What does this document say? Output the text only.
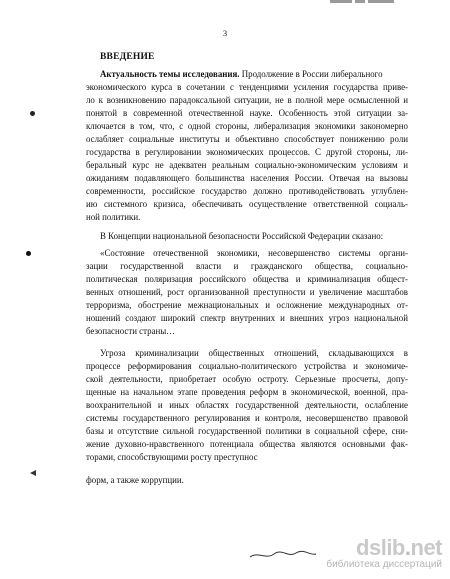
3
ВВЕДЕНИЕ
Актуальность темы исследования. Продолжение в России либерального
экономического курса в сочетании с тенденциями усиления государства приве-
ло к возникновению парадоксальной ситуации, не в полной мере осмысленной и
понятой в современной отечественной науке. Особенность этой ситуации за-
ключается в том, что, с одной стороны, либерализация экономики закономерно
ослабляет социальные институты и объективно способствует понижению роли
государства в регулировании экономических процессов. С другой стороны, ли-
беральный курс не адекватен реальным социально-экономическим условиям и
ожиданиям подавляющего большинства населения России. Отвечая на вызовы
современности, российское государство должно противодействовать углублен-
ию системного кризиса, обеспечивать осуществление ответственной социаль-
ной политики.
В Концепции национальной безопасности Российской Федерации сказано:
«Состояние отечественной экономики, несовершенство системы органи-
зации государственной власти и гражданского общества, социально-
политическая поляризация российского общества и криминализация общест-
венных отношений, рост организованной преступности и увеличение масштабов
терроризма, обострение межнациональных и осложнение международных от-
ношений создают широкий спектр внутренних и внешних угроз национальной
безопасности страны…
Угроза криминализации общественных отношений, складывающихся в
процессе реформирования социально-политического устройства и экономиче-
ской деятельности, приобретает особую остроту. Серьезные просчеты, допу-
щенные на начальном этапе проведения реформ в экономической, военной, пра-
воохранительной и иных областях государственной деятельности, ослабление
системы государственного регулирования и контроля, несовершенство правовой
базы и отсутствие сильной государственной политики в социальной сфере, сни-
жение духовно-нравственного потенциала общества являются основными фак-
торами, способствующими росту преступнос
форм, а также коррупции.
dslib.net
библиотека диссертаций
